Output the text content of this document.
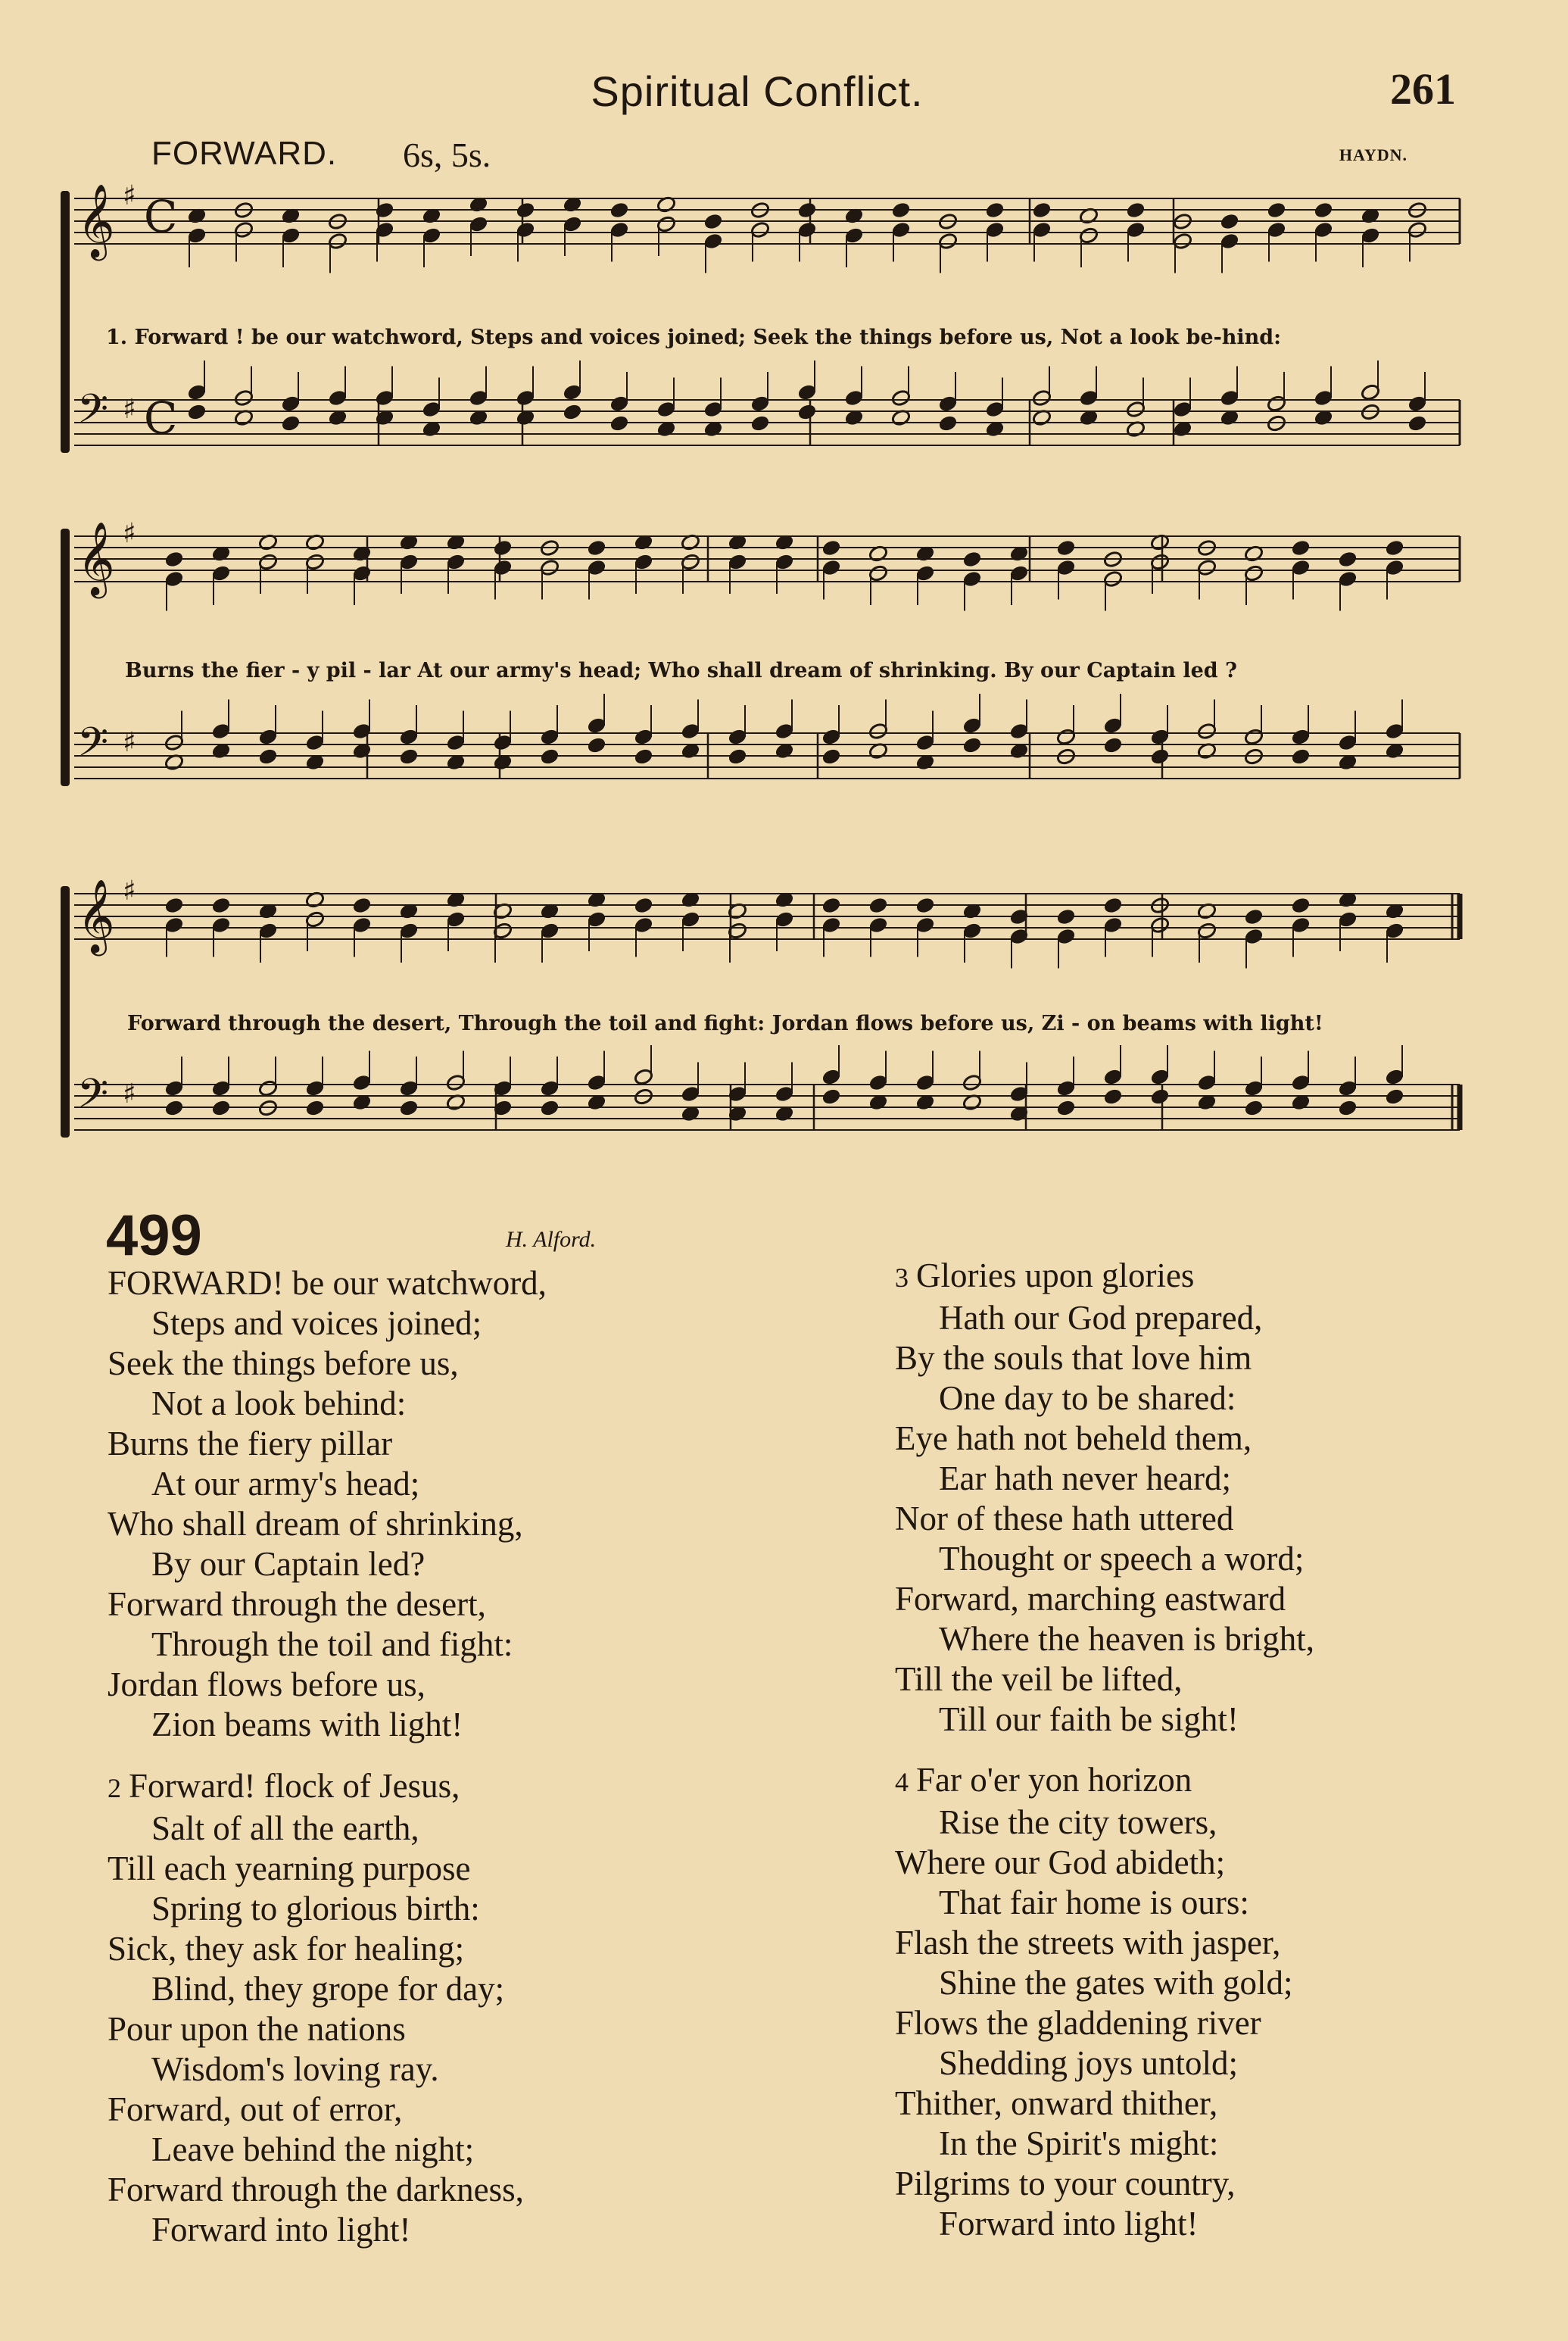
Spiritual Conflict.	261
FORWARD. 6s, 5s.	HAYDN.
𝄞 ♯ C
𝄢 ♯ C
𝄞 ♯
𝄢 ♯
𝄞 ♯
𝄢 ♯
1. Forward ! be our watchword, Steps and voices joined; Seek the things before us, Not a look be-hind:
Burns the fier - y pil - lar At our army's head; Who shall dream of shrinking. By our Captain led ?
Forward through the desert, Through the toil and fight: Jordan flows before us, Zi - on beams with light!
499	H. Alford.
FORWARD! be our watchword,
Steps and voices joined;
Seek the things before us,
Not a look behind:
Burns the fiery pillar
At our army's head;
Who shall dream of shrinking,
By our Captain led?
Forward through the desert,
Through the toil and fight:
Jordan flows before us,
Zion beams with light!
2 Forward! flock of Jesus,
Salt of all the earth,
Till each yearning purpose
Spring to glorious birth:
Sick, they ask for healing;
Blind, they grope for day;
Pour upon the nations
Wisdom's loving ray.
Forward, out of error,
Leave behind the night;
Forward through the darkness,
Forward into light!
3 Glories upon glories
Hath our God prepared,
By the souls that love him
One day to be shared:
Eye hath not beheld them,
Ear hath never heard;
Nor of these hath uttered
Thought or speech a word;
Forward, marching eastward
Where the heaven is bright,
Till the veil be lifted,
Till our faith be sight!
4 Far o'er yon horizon
Rise the city towers,
Where our God abideth;
That fair home is ours:
Flash the streets with jasper,
Shine the gates with gold;
Flows the gladdening river
Shedding joys untold;
Thither, onward thither,
In the Spirit's might:
Pilgrims to your country,
Forward into light!
